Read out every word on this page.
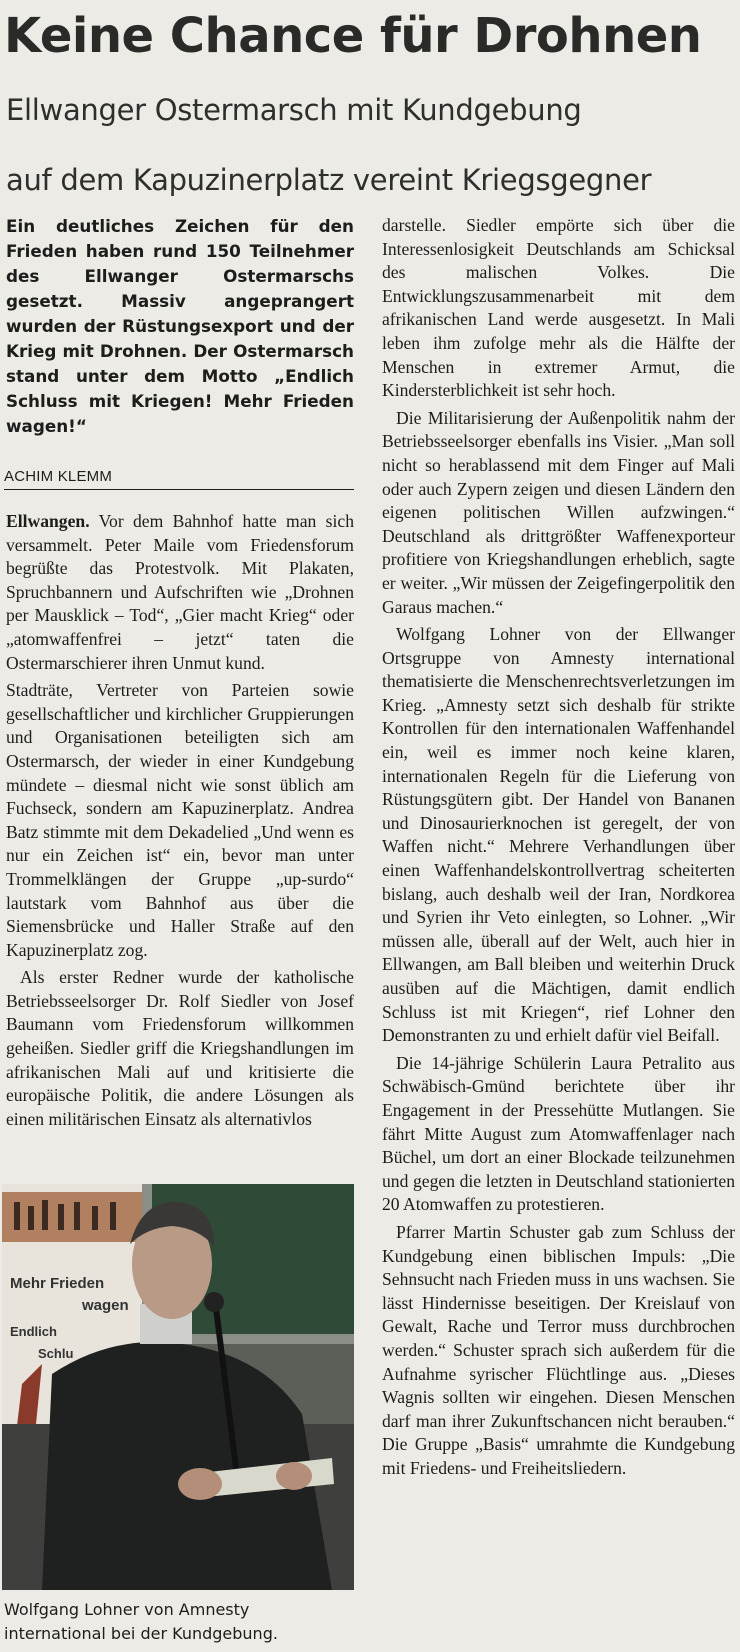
Keine Chance für Drohnen
Ellwanger Ostermarsch mit Kundgebung
auf dem Kapuzinerplatz vereint Kriegsgegner
Ein deutliches Zeichen für den Frieden haben rund 150 Teilnehmer des Ellwanger Ostermarschs gesetzt. Massiv angeprangert wurden der Rüstungsexport und der Krieg mit Drohnen. Der Ostermarsch stand unter dem Motto „Endlich Schluss mit Kriegen! Mehr Frieden wagen!“
ACHIM KLEMM

Ellwangen. Vor dem Bahnhof hatte man sich versammelt. Peter Maile vom Friedensforum begrüßte das Protestvolk. Mit Plakaten, Spruchbannern und Aufschriften wie „Drohnen per Mausklick – Tod“, „Gier macht Krieg“ oder „atomwaffenfrei – jetzt“ taten die Ostermarschierer ihren Unmut kund.

Stadträte, Vertreter von Parteien sowie gesellschaftlicher und kirchlicher Gruppierungen und Organisationen beteiligten sich am Ostermarsch, der wieder in einer Kundgebung mündete – diesmal nicht wie sonst üblich am Fuchseck, sondern am Kapuzinerplatz. Andrea Batz stimmte mit dem Dekadelied „Und wenn es nur ein Zeichen ist“ ein, bevor man unter Trommelklängen der Gruppe „up-surdo“ lautstark vom Bahnhof aus über die Siemensbrücke und Haller Straße auf den Kapuzinerplatz zog.

Als erster Redner wurde der katholische Betriebsseelsorger Dr. Rolf Siedler von Josef Baumann vom Friedensforum willkommen geheißen. Siedler griff die Kriegshandlungen im afrikanischen Mali auf und kritisierte die europäische Politik, die andere Lösungen als einen militärischen Einsatz als alternativlos

Mehr Frieden
wagen
Endlich
Schlu
Wolfgang Lohner von Amnesty international bei der Kundgebung.

darstelle. Siedler empörte sich über die Interessenlosigkeit Deutschlands am Schicksal des malischen Volkes. Die Entwicklungszusammenarbeit mit dem afrikanischen Land werde ausgesetzt. In Mali leben ihm zufolge mehr als die Hälfte der Menschen in extremer Armut, die Kindersterblichkeit ist sehr hoch.

Die Militarisierung der Außenpolitik nahm der Betriebsseelsorger ebenfalls ins Visier. „Man soll nicht so herablassend mit dem Finger auf Mali oder auch Zypern zeigen und diesen Ländern den eigenen politischen Willen aufzwingen.“ Deutschland als drittgrößter Waffenexporteur profitiere von Kriegshandlungen erheblich, sagte er weiter. „Wir müssen der Zeigefingerpolitik den Garaus machen.“

Wolfgang Lohner von der Ellwanger Ortsgruppe von Amnesty international thematisierte die Menschenrechtsverletzungen im Krieg. „Amnesty setzt sich deshalb für strikte Kontrollen für den internationalen Waffenhandel ein, weil es immer noch keine klaren, internationalen Regeln für die Lieferung von Rüstungsgütern gibt. Der Handel von Bananen und Dinosaurierknochen ist geregelt, der von Waffen nicht.“ Mehrere Verhandlungen über einen Waffenhandelskontrollvertrag scheiterten bislang, auch deshalb weil der Iran, Nordkorea und Syrien ihr Veto einlegten, so Lohner. „Wir müssen alle, überall auf der Welt, auch hier in Ellwangen, am Ball bleiben und weiterhin Druck ausüben auf die Mächtigen, damit endlich Schluss ist mit Kriegen“, rief Lohner den Demonstranten zu und erhielt dafür viel Beifall.

Die 14-jährige Schülerin Laura Petralito aus Schwäbisch-Gmünd berichtete über ihr Engagement in der Pressehütte Mutlangen. Sie fährt Mitte August zum Atomwaffenlager nach Büchel, um dort an einer Blockade teilzunehmen und gegen die letzten in Deutschland stationierten 20 Atomwaffen zu protestieren.

Pfarrer Martin Schuster gab zum Schluss der Kundgebung einen biblischen Impuls: „Die Sehnsucht nach Frieden muss in uns wachsen. Sie lässt Hindernisse beseitigen. Der Kreislauf von Gewalt, Rache und Terror muss durchbrochen werden.“ Schuster sprach sich außerdem für die Aufnahme syrischer Flüchtlinge aus. „Dieses Wagnis sollten wir eingehen. Diesen Menschen darf man ihrer Zukunftschancen nicht berauben.“ Die Gruppe „Basis“ umrahmte die Kundgebung mit Friedens- und Freiheitsliedern.
